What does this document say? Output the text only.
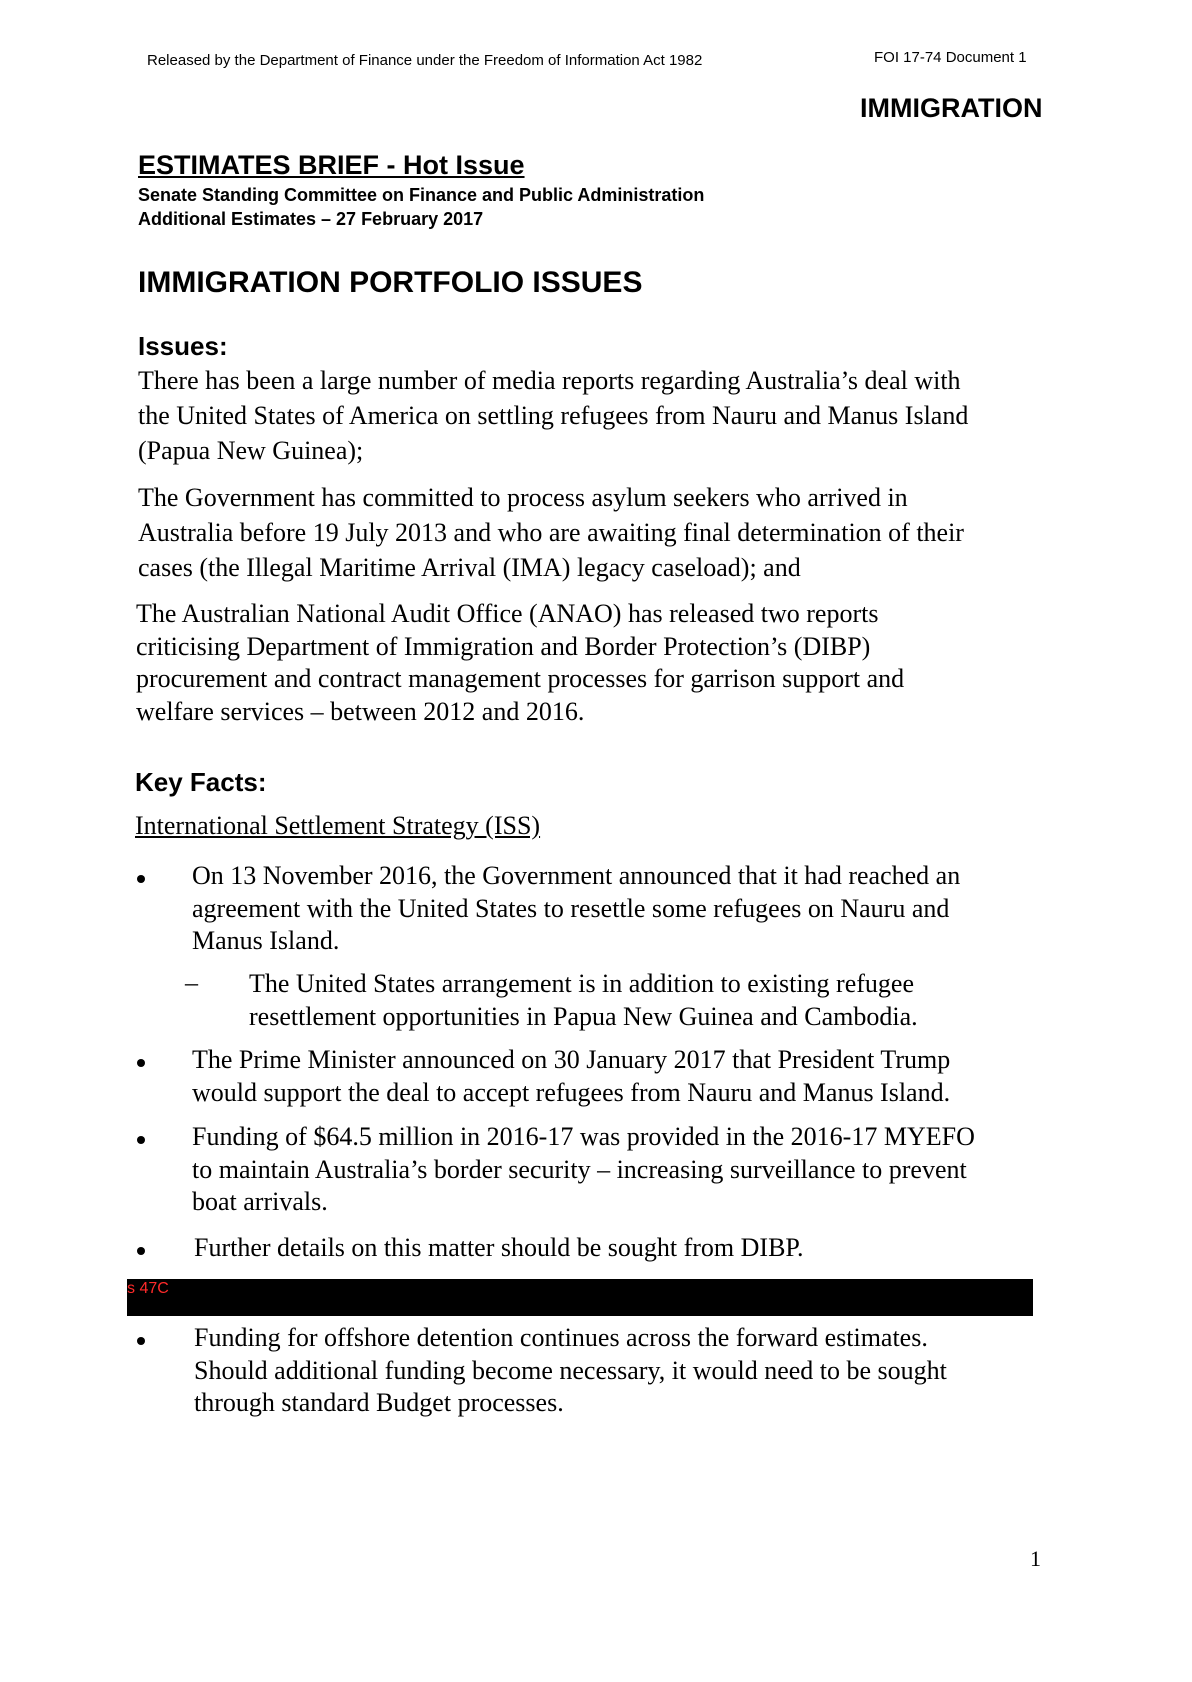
Released by the Department of Finance under the Freedom of Information Act 1982	FOI 17-74 Document 1
IMMIGRATION
ESTIMATES BRIEF - Hot Issue
Senate Standing Committee on Finance and Public Administration
Additional Estimates – 27 February 2017
IMMIGRATION PORTFOLIO ISSUES
Issues:
There has been a large number of media reports regarding Australia’s deal with
the United States of America on settling refugees from Nauru and Manus Island
(Papua New Guinea);
The Government has committed to process asylum seekers who arrived in
Australia before 19 July 2013 and who are awaiting final determination of their
cases (the Illegal Maritime Arrival (IMA) legacy caseload); and
The Australian National Audit Office (ANAO) has released two reports
criticising Department of Immigration and Border Protection’s (DIBP)
procurement and contract management processes for garrison support and
welfare services – between 2012 and 2016.
Key Facts:
International Settlement Strategy (ISS)
On 13 November 2016, the Government announced that it had reached an
agreement with the United States to resettle some refugees on Nauru and
Manus Island.
– The United States arrangement is in addition to existing refugee
resettlement opportunities in Papua New Guinea and Cambodia.
The Prime Minister announced on 30 January 2017 that President Trump
would support the deal to accept refugees from Nauru and Manus Island.
Funding of $64.5 million in 2016-17 was provided in the 2016-17 MYEFO
to maintain Australia’s border security – increasing surveillance to prevent
boat arrivals.
Further details on this matter should be sought from DIBP.
s 47C
Funding for offshore detention continues across the forward estimates.
Should additional funding become necessary, it would need to be sought
through standard Budget processes.
1
